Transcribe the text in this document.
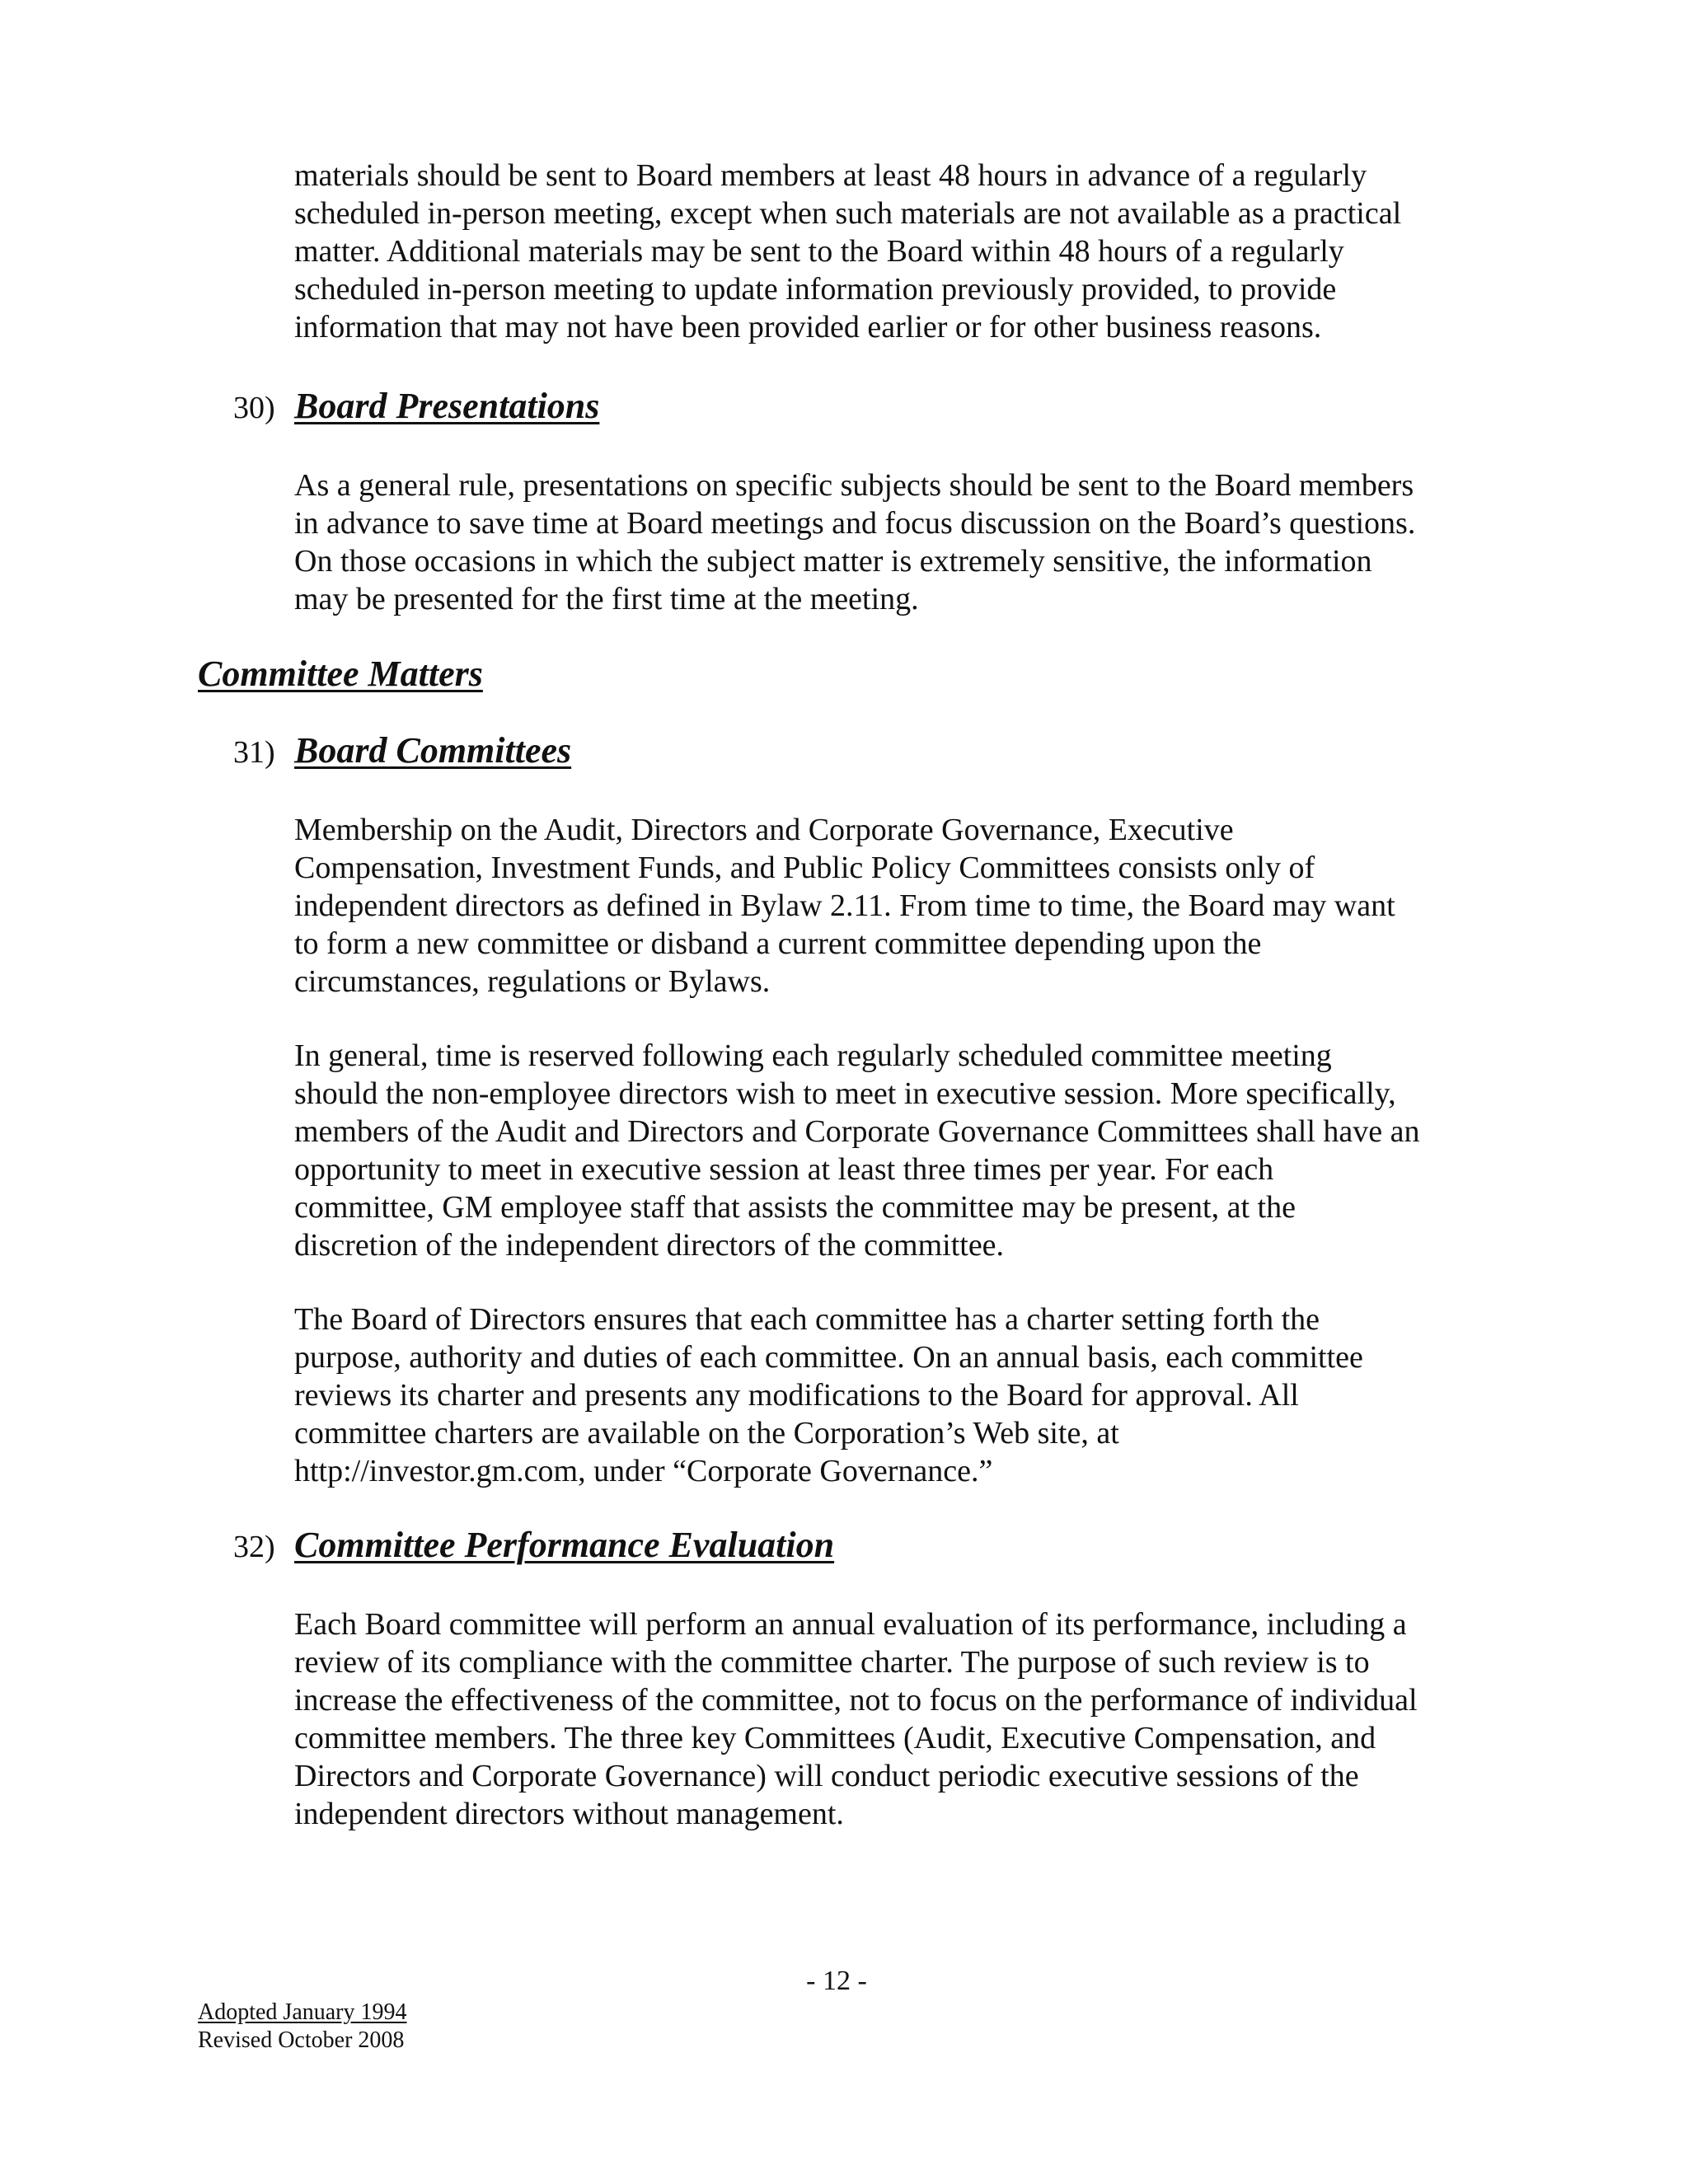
materials should be sent to Board members at least 48 hours in advance of a regularly
scheduled in-person meeting, except when such materials are not available as a practical
matter. Additional materials may be sent to the Board within 48 hours of a regularly
scheduled in-person meeting to update information previously provided, to provide
information that may not have been provided earlier or for other business reasons.
30) Board Presentations
As a general rule, presentations on specific subjects should be sent to the Board members
in advance to save time at Board meetings and focus discussion on the Board’s questions.
On those occasions in which the subject matter is extremely sensitive, the information
may be presented for the first time at the meeting.
Committee Matters
31) Board Committees
Membership on the Audit, Directors and Corporate Governance, Executive
Compensation, Investment Funds, and Public Policy Committees consists only of
independent directors as defined in Bylaw 2.11. From time to time, the Board may want
to form a new committee or disband a current committee depending upon the
circumstances, regulations or Bylaws.
In general, time is reserved following each regularly scheduled committee meeting
should the non-employee directors wish to meet in executive session. More specifically,
members of the Audit and Directors and Corporate Governance Committees shall have an
opportunity to meet in executive session at least three times per year. For each
committee, GM employee staff that assists the committee may be present, at the
discretion of the independent directors of the committee.
The Board of Directors ensures that each committee has a charter setting forth the
purpose, authority and duties of each committee. On an annual basis, each committee
reviews its charter and presents any modifications to the Board for approval. All
committee charters are available on the Corporation’s Web site, at
http://investor.gm.com, under “Corporate Governance.”
32) Committee Performance Evaluation
Each Board committee will perform an annual evaluation of its performance, including a
review of its compliance with the committee charter. The purpose of such review is to
increase the effectiveness of the committee, not to focus on the performance of individual
committee members. The three key Committees (Audit, Executive Compensation, and
Directors and Corporate Governance) will conduct periodic executive sessions of the
independent directors without management.
- 12 -
Adopted January 1994
Revised October 2008
